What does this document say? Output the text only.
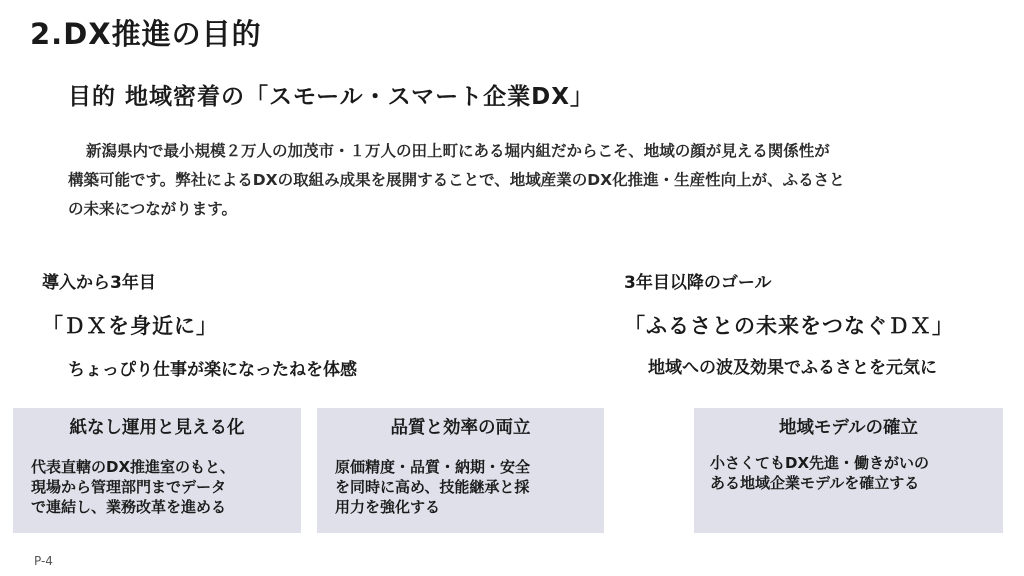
2.DX推進の目的
目的 地域密着の「スモール・スマート企業DX」

新潟県内で最小規模２万人の加茂市・１万人の田上町にある堀内組だからこそ、地域の顔が見える関係性が

構築可能です。弊社によるDXの取組み成果を展開することで、地域産業のDX化推進・生産性向上が、ふるさと

の未来につながります。

導入から3年目
「ＤＸを身近に」
ちょっぴり仕事が楽になったねを体感
3年目以降のゴール
「ふるさとの未来をつなぐＤＸ」
地域への波及効果でふるさとを元気に
紙なし運用と見える化

代表直轄のDX推進室のもと、

現場から管理部門までデータ

で連結し、業務改革を進める

品質と効率の両立

原価精度・品質・納期・安全

を同時に高め、技能継承と採

用力を強化する

地域モデルの確立

小さくてもDX先進・働きがいの

ある地域企業モデルを確立する

P-4
